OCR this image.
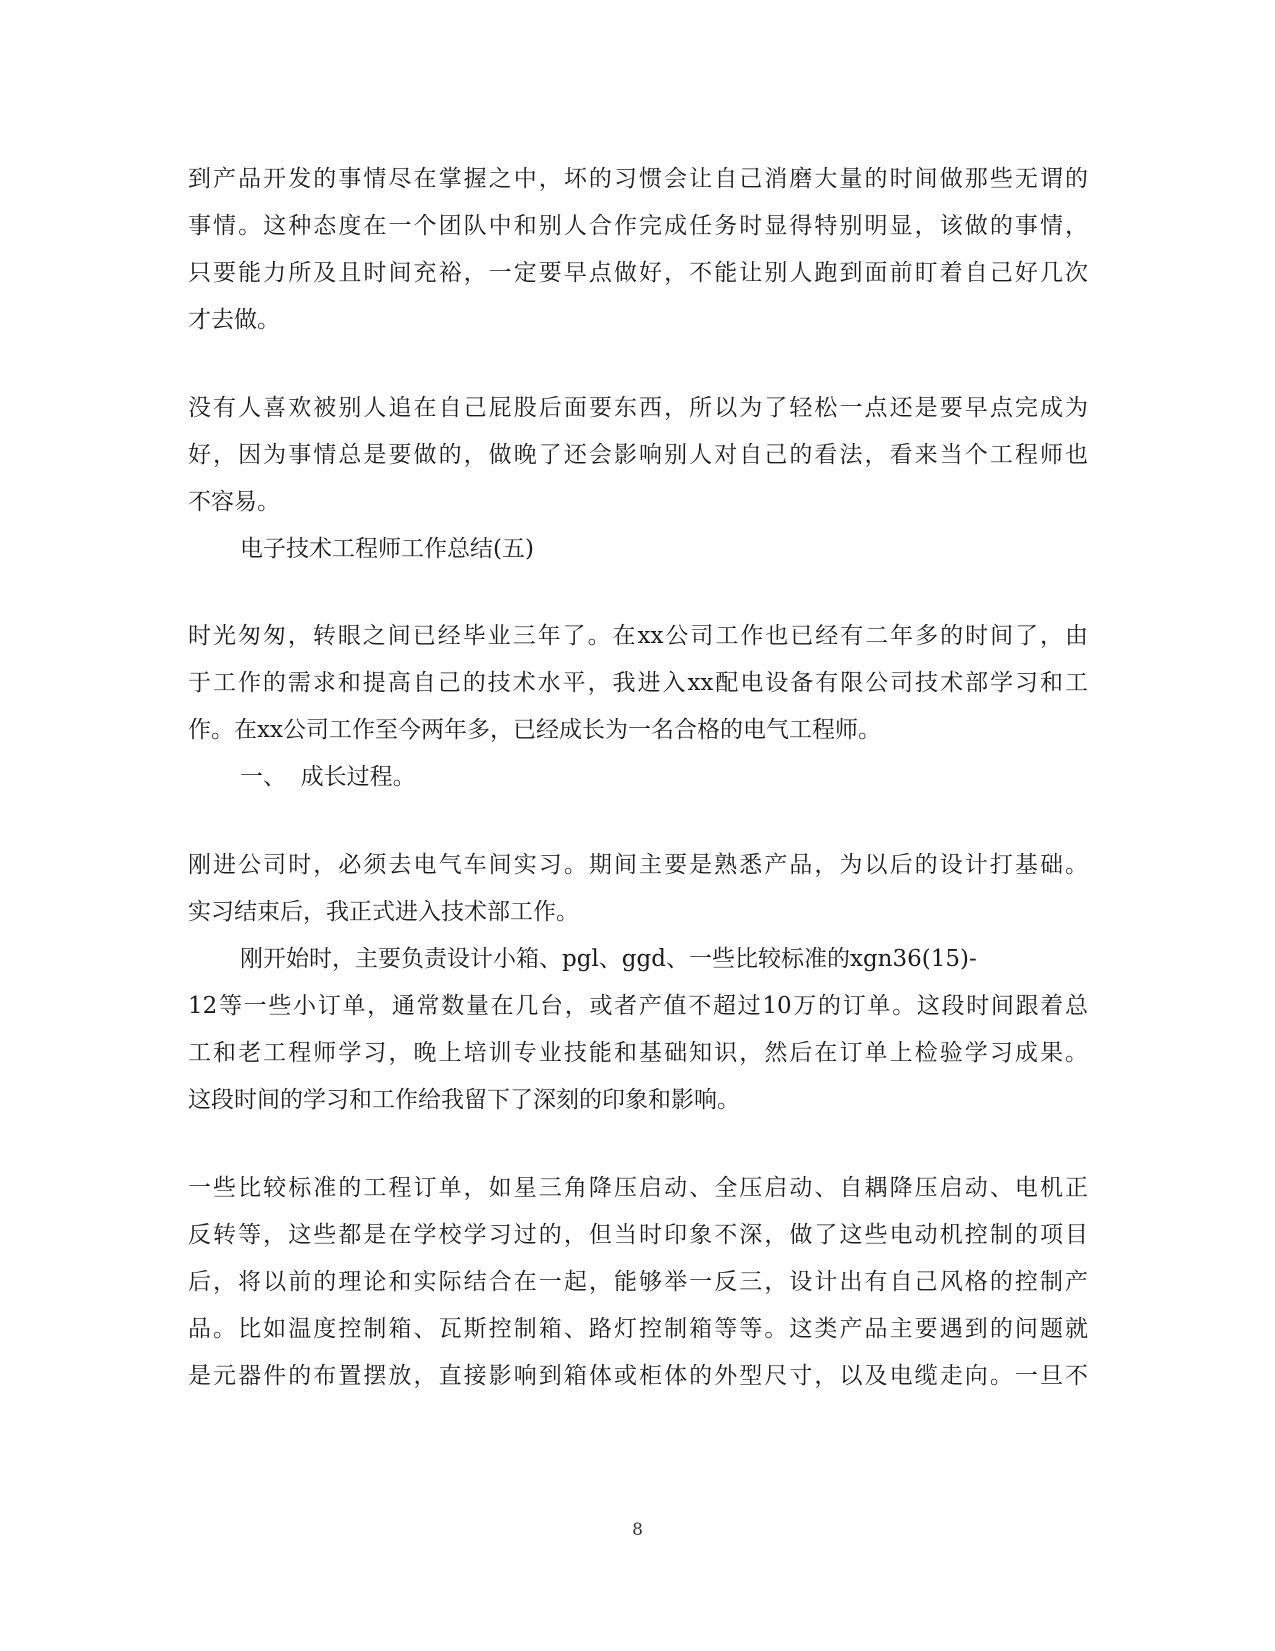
到产品开发的事情尽在掌握之中，坏的习惯会让自己消磨大量的时间做那些无谓的
事情。这种态度在一个团队中和别人合作完成任务时显得特别明显，该做的事情，
只要能力所及且时间充裕，一定要早点做好，不能让别人跑到面前盯着自己好几次
才去做。
没有人喜欢被别人追在自己屁股后面要东西，所以为了轻松一点还是要早点完成为
好，因为事情总是要做的，做晚了还会影响别人对自己的看法，看来当个工程师也
不容易。
电子技术工程师工作总结(五)
时光匆匆，转眼之间已经毕业三年了。在xx公司工作也已经有二年多的时间了，由
于工作的需求和提高自己的技术水平，我进入xx配电设备有限公司技术部学习和工
作。在xx公司工作至今两年多，已经成长为一名合格的电气工程师。
一、  成长过程。
刚进公司时，必须去电气车间实习。期间主要是熟悉产品，为以后的设计打基础。
实习结束后，我正式进入技术部工作。
刚开始时，主要负责设计小箱、pgl、ggd、一些比较标准的xgn36(15)-
12等一些小订单，通常数量在几台，或者产值不超过10万的订单。这段时间跟着总
工和老工程师学习，晚上培训专业技能和基础知识，然后在订单上检验学习成果。
这段时间的学习和工作给我留下了深刻的印象和影响。
一些比较标准的工程订单，如星三角降压启动、全压启动、自耦降压启动、电机正
反转等，这些都是在学校学习过的，但当时印象不深，做了这些电动机控制的项目
后，将以前的理论和实际结合在一起，能够举一反三，设计出有自己风格的控制产
品。比如温度控制箱、瓦斯控制箱、路灯控制箱等等。这类产品主要遇到的问题就
是元器件的布置摆放，直接影响到箱体或柜体的外型尺寸，以及电缆走向。一旦不
8
